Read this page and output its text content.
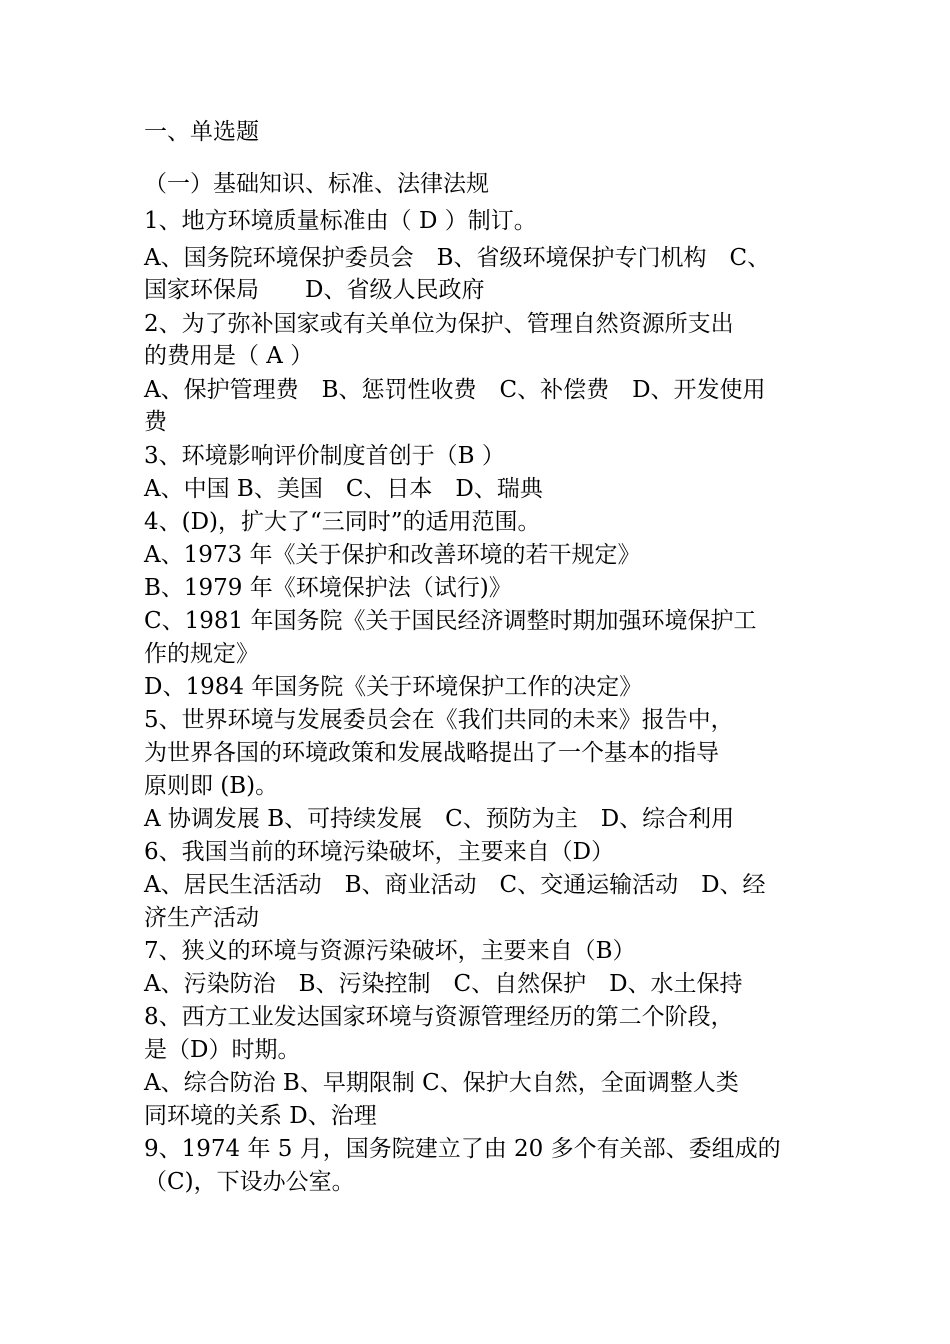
一、单选题
（一）基础知识、标准、法律法规
1、地方环境质量标准由（ D ）制订。
A、国务院环境保护委员会　B、省级环境保护专门机构　C、
国家环保局　　D、省级人民政府
2、为了弥补国家或有关单位为保护、管理自然资源所支出
的费用是（ A ）
A、保护管理费　B、惩罚性收费　C、补偿费　D、开发使用
费
3、环境影响评价制度首创于（B ）
A、中国 B、美国　C、日本　D、瑞典
4、(D)，扩大了“三同时”的适用范围。
A、1973 年《关于保护和改善环境的若干规定》
B、1979 年《环境保护法（试行)》
C、1981 年国务院《关于国民经济调整时期加强环境保护工
作的规定》
D、1984 年国务院《关于环境保护工作的决定》
5、世界环境与发展委员会在《我们共同的未来》报告中，
为世界各国的环境政策和发展战略提出了一个基本的指导
原则即 (B)。
A 协调发展 B、可持续发展　C、预防为主　D、综合利用
6、我国当前的环境污染破坏，主要来自（D）
A、居民生活活动　B、商业活动　C、交通运输活动　D、经
济生产活动
7、狭义的环境与资源污染破坏，主要来自（B）
A、污染防治　B、污染控制　C、自然保护　D、水土保持
8、西方工业发达国家环境与资源管理经历的第二个阶段，
是（D）时期。
A、综合防治 B、早期限制 C、保护大自然，全面调整人类
同环境的关系 D、治理
9、1974 年 5 月，国务院建立了由 20 多个有关部、委组成的
（C)，下设办公室。
